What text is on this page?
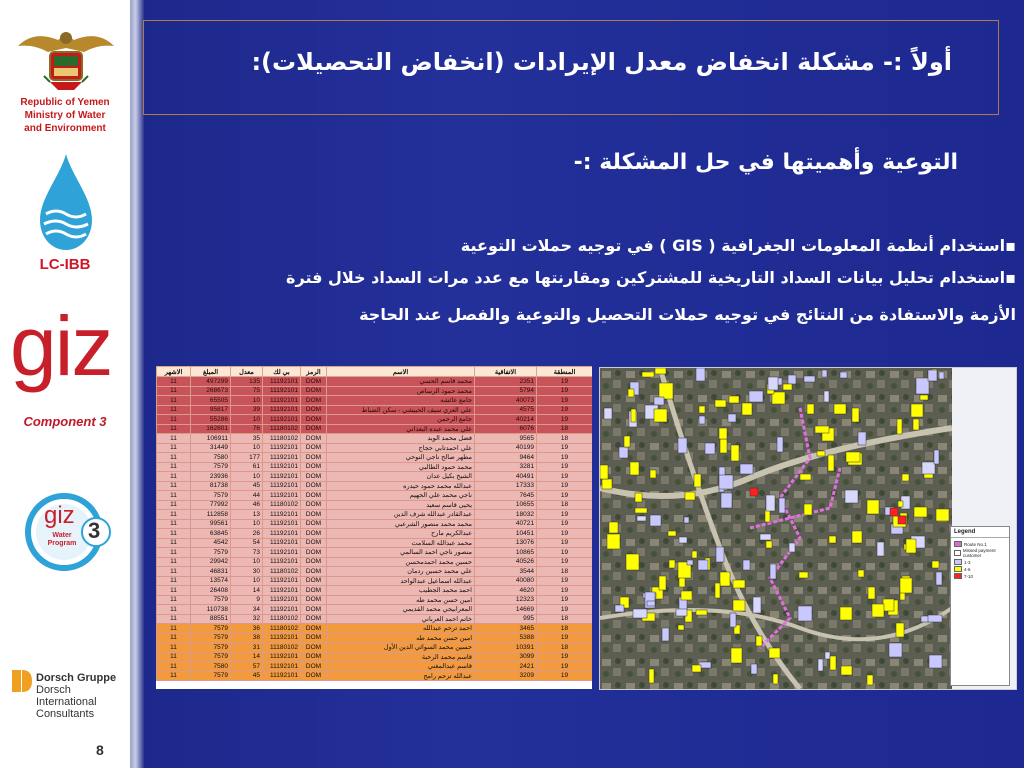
Republic of Yemen
Ministry of Water
and Environment
LC-IBB
giz
Component 3
giz
Water Program
3
Dorsch Gruppe
Dorsch
International
Consultants
8
أولاً :- مشكلة انخفاض معدل الإيرادات (انخفاض التحصيلات):
التوعية وأهميتها في حل المشكلة :-
▪استخدام أنظمة المعلومات الجغرافية ( GIS ) في توجيه حملات التوعية
▪استخدام تحليل بيانات السداد التاريخية للمشتركين ومقارنتها مع عدد مرات السداد خلال فترة
الأزمة والاستفادة من النتائج في توجيه حملات التحصيل والتوعية والفصل عند الحاجة
الاشهر	المبلغ	معدل	بي لك	الرمز	الاسم	الاتفاقية	المنطقة
11	497299	135	11192101	DOM	محمد قاسم الحسي	2351	19
11	268673	75	11192101	DOM	محمد حمود الرساص	5794	19
11	65505	10	11192101	DOM	جامع عائشه	40073	19
11	95817	39	11192101	DOM	علي العزي سيف الحبيشي - سكن الضباط	4575	19
11	55286	10	11192101	DOM	جامع الرحمن	40214	19
11	162801	76	11180102	DOM	علي محمد عبده البعداني	6076	18
11	106911	35	11180102	DOM	فضل محمد الويد	9565	18
11	31449	10	11192101	DOM	علي احمدتابي حجاج	40199	19
11	7580	177	11192101	DOM	مطهر صالح ناجي النوحي	9464	19
11	7579	61	11192101	DOM	محمد حمود الطالبي	3281	19
11	23936	10	11192101	DOM	الشيخ بكيل عدان	40491	19
11	81738	45	11192101	DOM	عبدالله محمد حمود حيدره	17333	19
11	7579	44	11192101	DOM	ناجي محمد علي الجهيم	7645	19
11	77992	46	11180102	DOM	يحيى قاسم سعيد	10655	18
11	112858	13	11192101	DOM	عبدالقادر عبدالله شرف الدين	18032	19
11	99561	10	11192101	DOM	محمد محمد منصور الشرعبي	40721	19
11	63845	26	11192101	DOM	عبدالكريم مارح	10451	19
11	4542	54	11192101	DOM	محمد عبدالله السلامت	13076	19
11	7579	73	11192101	DOM	منصور ناجي احمد السالمي	10865	19
11	29942	10	11192101	DOM	حسين محمد احمدمحسن	40526	19
11	46831	30	11180102	DOM	علي محمد حسين ردمان	3544	18
11	13574	10	11192101	DOM	عبدالله اسماعيل عبدالواحد	40080	19
11	26408	14	11192101	DOM	احمد محمد الجطيب	4620	19
11	7579	9	11192101	DOM	امين حسن محمد طه	12323	19
11	110738	34	11192101	DOM	المعرابيجي محمد القديمي	14669	19
11	88551	32	11180102	DOM	خاتم احمد العرباني	995	18
11	7579	36	11180102	DOM	احمد ترحم عبدالله	3465	18
11	7579	38	11192101	DOM	امين حسن محمد طه	5388	19
11	7579	31	11180102	DOM	حسين محمد السوائي الدين الأول	10391	18
11	7579	14	11192101	DOM	قاسم محمد الرحبة	3099	19
11	7580	57	11192101	DOM	قاسم عبدالمغني	2421	19
11	7579	45	11192101	DOM	عبدالله ترحم رامح	3209	19
Legend
Route No.1
Missed payment customer
1-3
4-6
7-10
